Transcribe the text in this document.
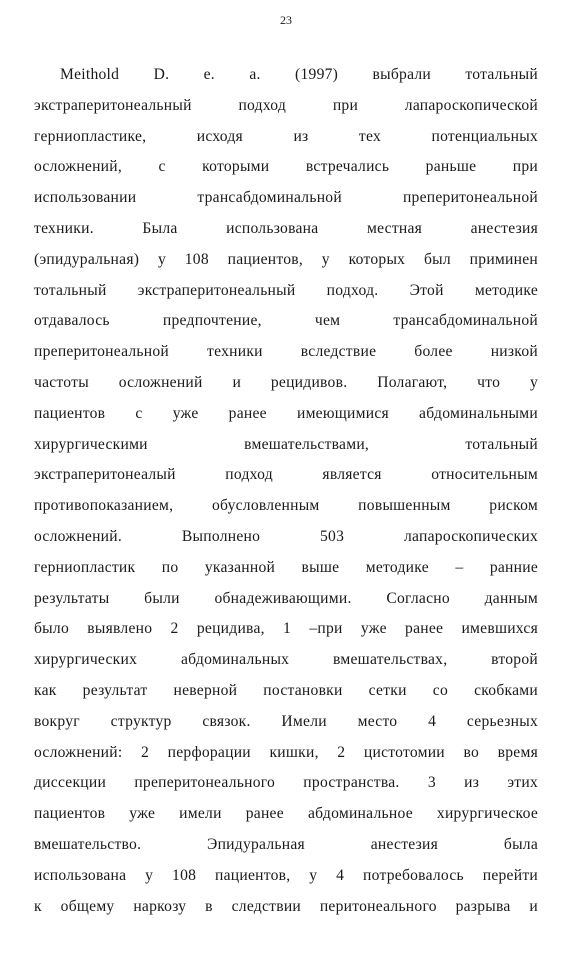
23
Meithold D. e. a. (1997) выбрали тотальный
экстраперитонеальный подход при лапароскопической
герниопластике, исходя из тех потенциальных
осложнений, с которыми встречались раньше при
использовании трансабдоминальной преперитонеальной
техники. Была использована местная анестезия
(эпидуральная) у 108 пациентов, у которых был приминен
тотальный экстраперитонеальный подход. Этой методике
отдавалось предпочтение, чем трансабдоминальной
преперитонеальной техники вследствие более низкой
частоты осложнений и рецидивов. Полагают, что у
пациентов с уже ранее имеющимися абдоминальными
хирургическими вмешательствами, тотальный
экстраперитонеалый подход является относительным
противопоказанием, обусловленным повышенным риском
осложнений. Выполнено 503 лапароскопических
герниопластик по указанной выше методике – ранние
результаты были обнадеживающими. Согласно данным
было выявлено 2 рецидива, 1 –при уже ранее имевшихся
хирургических абдоминальных вмешательствах, второй
как результат неверной постановки сетки со скобками
вокруг структур связок. Имели место 4 серьезных
осложнений: 2 перфорации кишки, 2 цистотомии во время
диссекции преперитонеального пространства. 3 из этих
пациентов уже имели ранее абдоминальное хирургическое
вмешательство. Эпидуральная анестезия была
использована у 108 пациентов, у 4 потребовалось перейти
к общему наркозу в следствии перитонеального разрыва и
